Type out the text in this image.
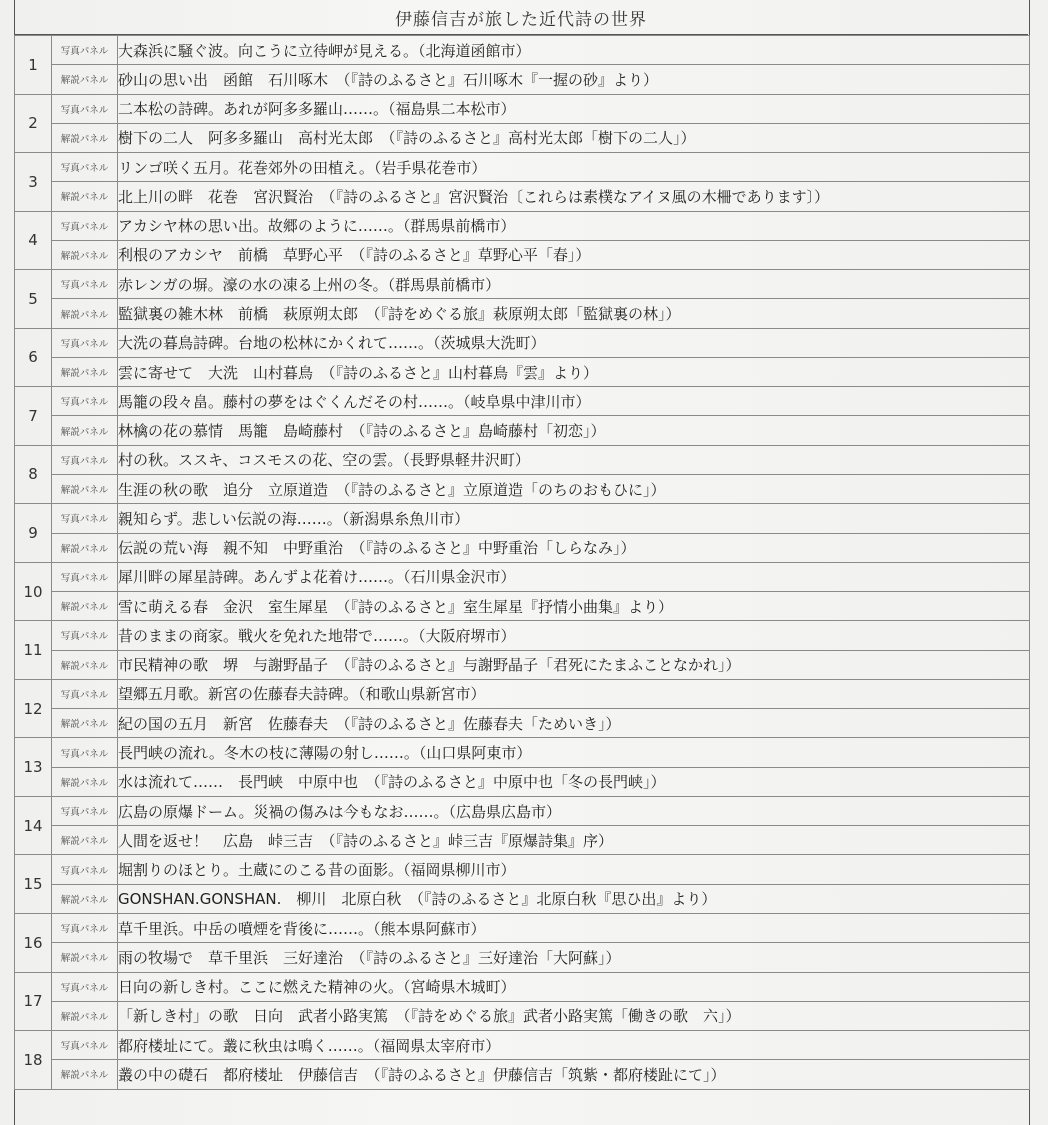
伊藤信吉が旅した近代詩の世界
1	写真パネル	大森浜に騒ぐ波。向こうに立待岬が見える。（北海道函館市）
	解説パネル	砂山の思い出　函館　石川啄木　（『詩のふるさと』石川啄木『一握の砂』より）
2	写真パネル	二本松の詩碑。あれが阿多多羅山……。（福島県二本松市）
	解説パネル	樹下の二人　阿多多羅山　高村光太郎　（『詩のふるさと』高村光太郎「樹下の二人」）
3	写真パネル	リンゴ咲く五月。花巻郊外の田植え。（岩手県花巻市）
	解説パネル	北上川の畔　花巻　宮沢賢治　（『詩のふるさと』宮沢賢治〔これらは素樸なアイヌ風の木柵であります〕）
4	写真パネル	アカシヤ林の思い出。故郷のように……。（群馬県前橋市）
	解説パネル	利根のアカシヤ　前橋　草野心平　（『詩のふるさと』草野心平「春」）
5	写真パネル	赤レンガの塀。濠の水の凍る上州の冬。（群馬県前橋市）
	解説パネル	監獄裏の雑木林　前橋　萩原朔太郎　（『詩をめぐる旅』萩原朔太郎「監獄裏の林」）
6	写真パネル	大洗の暮鳥詩碑。台地の松林にかくれて……。（茨城県大洗町）
	解説パネル	雲に寄せて　大洗　山村暮鳥　（『詩のふるさと』山村暮鳥『雲』より）
7	写真パネル	馬籠の段々畠。藤村の夢をはぐくんだその村……。（岐阜県中津川市）
	解説パネル	林檎の花の慕情　馬籠　島崎藤村　（『詩のふるさと』島崎藤村「初恋」）
8	写真パネル	村の秋。ススキ、コスモスの花、空の雲。（長野県軽井沢町）
	解説パネル	生涯の秋の歌　追分　立原道造　（『詩のふるさと』立原道造「のちのおもひに」）
9	写真パネル	親知らず。悲しい伝説の海……。（新潟県糸魚川市）
	解説パネル	伝説の荒い海　親不知　中野重治　（『詩のふるさと』中野重治「しらなみ」）
10	写真パネル	犀川畔の犀星詩碑。あんずよ花着け……。（石川県金沢市）
	解説パネル	雪に萌える春　金沢　室生犀星　（『詩のふるさと』室生犀星『抒情小曲集』より）
11	写真パネル	昔のままの商家。戦火を免れた地帯で……。（大阪府堺市）
	解説パネル	市民精神の歌　堺　与謝野晶子　（『詩のふるさと』与謝野晶子「君死にたまふことなかれ」）
12	写真パネル	望郷五月歌。新宮の佐藤春夫詩碑。（和歌山県新宮市）
	解説パネル	紀の国の五月　新宮　佐藤春夫　（『詩のふるさと』佐藤春夫「ためいき」）
13	写真パネル	長門峡の流れ。冬木の枝に薄陽の射し……。（山口県阿東市）
	解説パネル	水は流れて……　長門峡　中原中也　（『詩のふるさと』中原中也「冬の長門峡」）
14	写真パネル	広島の原爆ドーム。災禍の傷みは今もなお……。（広島県広島市）
	解説パネル	人間を返せ！　広島　峠三吉　（『詩のふるさと』峠三吉『原爆詩集』序）
15	写真パネル	堀割りのほとり。土蔵にのこる昔の面影。（福岡県柳川市）
	解説パネル	GONSHAN.GONSHAN.　柳川　北原白秋　（『詩のふるさと』北原白秋『思ひ出』より）
16	写真パネル	草千里浜。中岳の噴煙を背後に……。（熊本県阿蘇市）
	解説パネル	雨の牧場で　草千里浜　三好達治　（『詩のふるさと』三好達治「大阿蘇」）
17	写真パネル	日向の新しき村。ここに燃えた精神の火。（宮崎県木城町）
	解説パネル	「新しき村」の歌　日向　武者小路実篤　（『詩をめぐる旅』武者小路実篤「働きの歌　六」）
18	写真パネル	都府楼址にて。叢に秋虫は鳴く……。（福岡県太宰府市）
	解説パネル	叢の中の礎石　都府楼址　伊藤信吉　（『詩のふるさと』伊藤信吉「筑紫・都府楼趾にて」）
